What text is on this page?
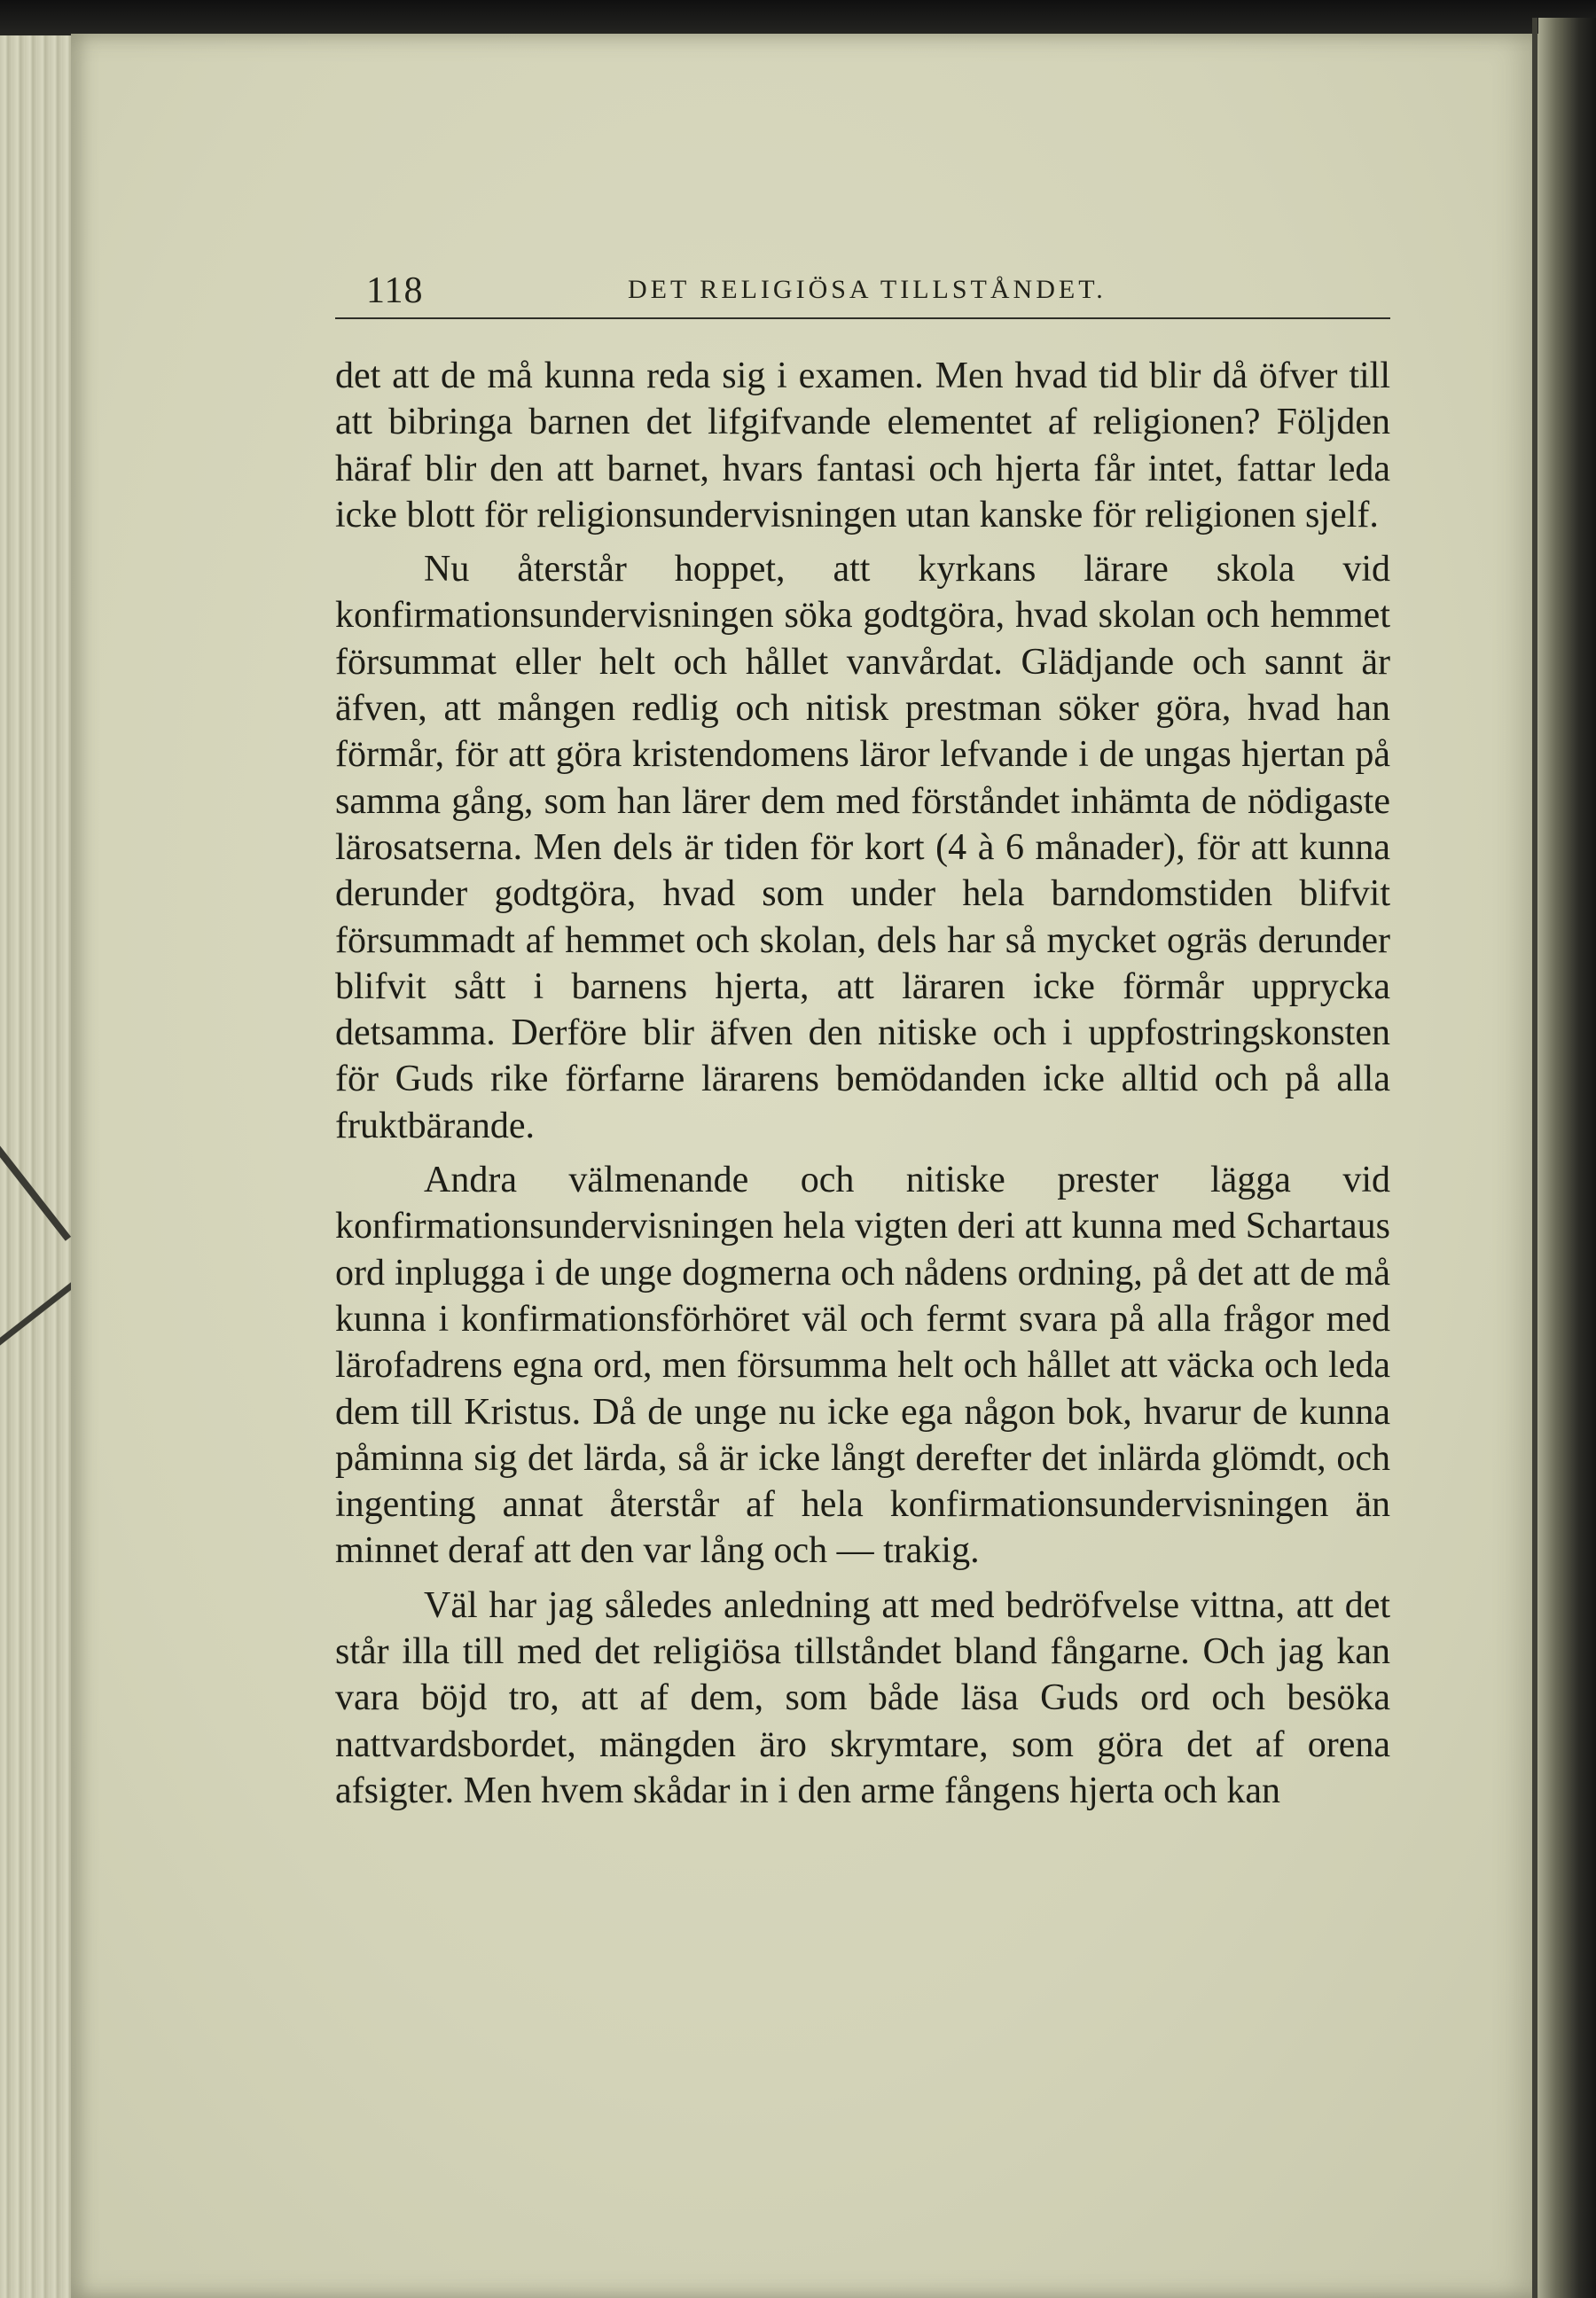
118	DET RELIGIÖSA TILLSTÅNDET.

det att de må kunna reda sig i examen. Men hvad tid blir då öfver till att bibringa barnen det lifgifvande elementet af religionen? Följden häraf blir den att barnet, hvars fantasi och hjerta får intet, fattar leda icke blott för religionsundervisningen utan kanske för religionen sjelf.

Nu återstår hoppet, att kyrkans lärare skola vid konfirmationsundervisningen söka godtgöra, hvad skolan och hemmet försummat eller helt och hållet vanvårdat. Glädjande och sannt är äfven, att mången redlig och nitisk prestman söker göra, hvad han förmår, för att göra kristendomens läror lefvande i de ungas hjertan på samma gång, som han lärer dem med förståndet inhämta de nödigaste lärosatserna. Men dels är tiden för kort (4 à 6 månader), för att kunna derunder godtgöra, hvad som under hela barndomstiden blifvit försummadt af hemmet och skolan, dels har så mycket ogräs derunder blifvit sått i barnens hjerta, att läraren icke förmår upprycka detsamma. Derföre blir äfven den nitiske och i uppfostringskonsten för Guds rike förfarne lärarens bemödanden icke alltid och på alla fruktbärande.

Andra välmenande och nitiske prester lägga vid konfirmationsundervisningen hela vigten deri att kunna med Schartaus ord inplugga i de unge dogmerna och nådens ordning, på det att de må kunna i konfirmationsförhöret väl och fermt svara på alla frågor med lärofadrens egna ord, men försumma helt och hållet att väcka och leda dem till Kristus. Då de unge nu icke ega någon bok, hvarur de kunna påminna sig det lärda, så är icke långt derefter det inlärda glömdt, och ingenting annat återstår af hela konfirmationsundervisningen än minnet deraf att den var lång och — trakig.

Väl har jag således anledning att med bedröfvelse vittna, att det står illa till med det religiösa tillståndet bland fångarne. Och jag kan vara böjd tro, att af dem, som både läsa Guds ord och besöka nattvardsbordet, mängden äro skrymtare, som göra det af orena afsigter. Men hvem skådar in i den arme fångens hjerta och kan
